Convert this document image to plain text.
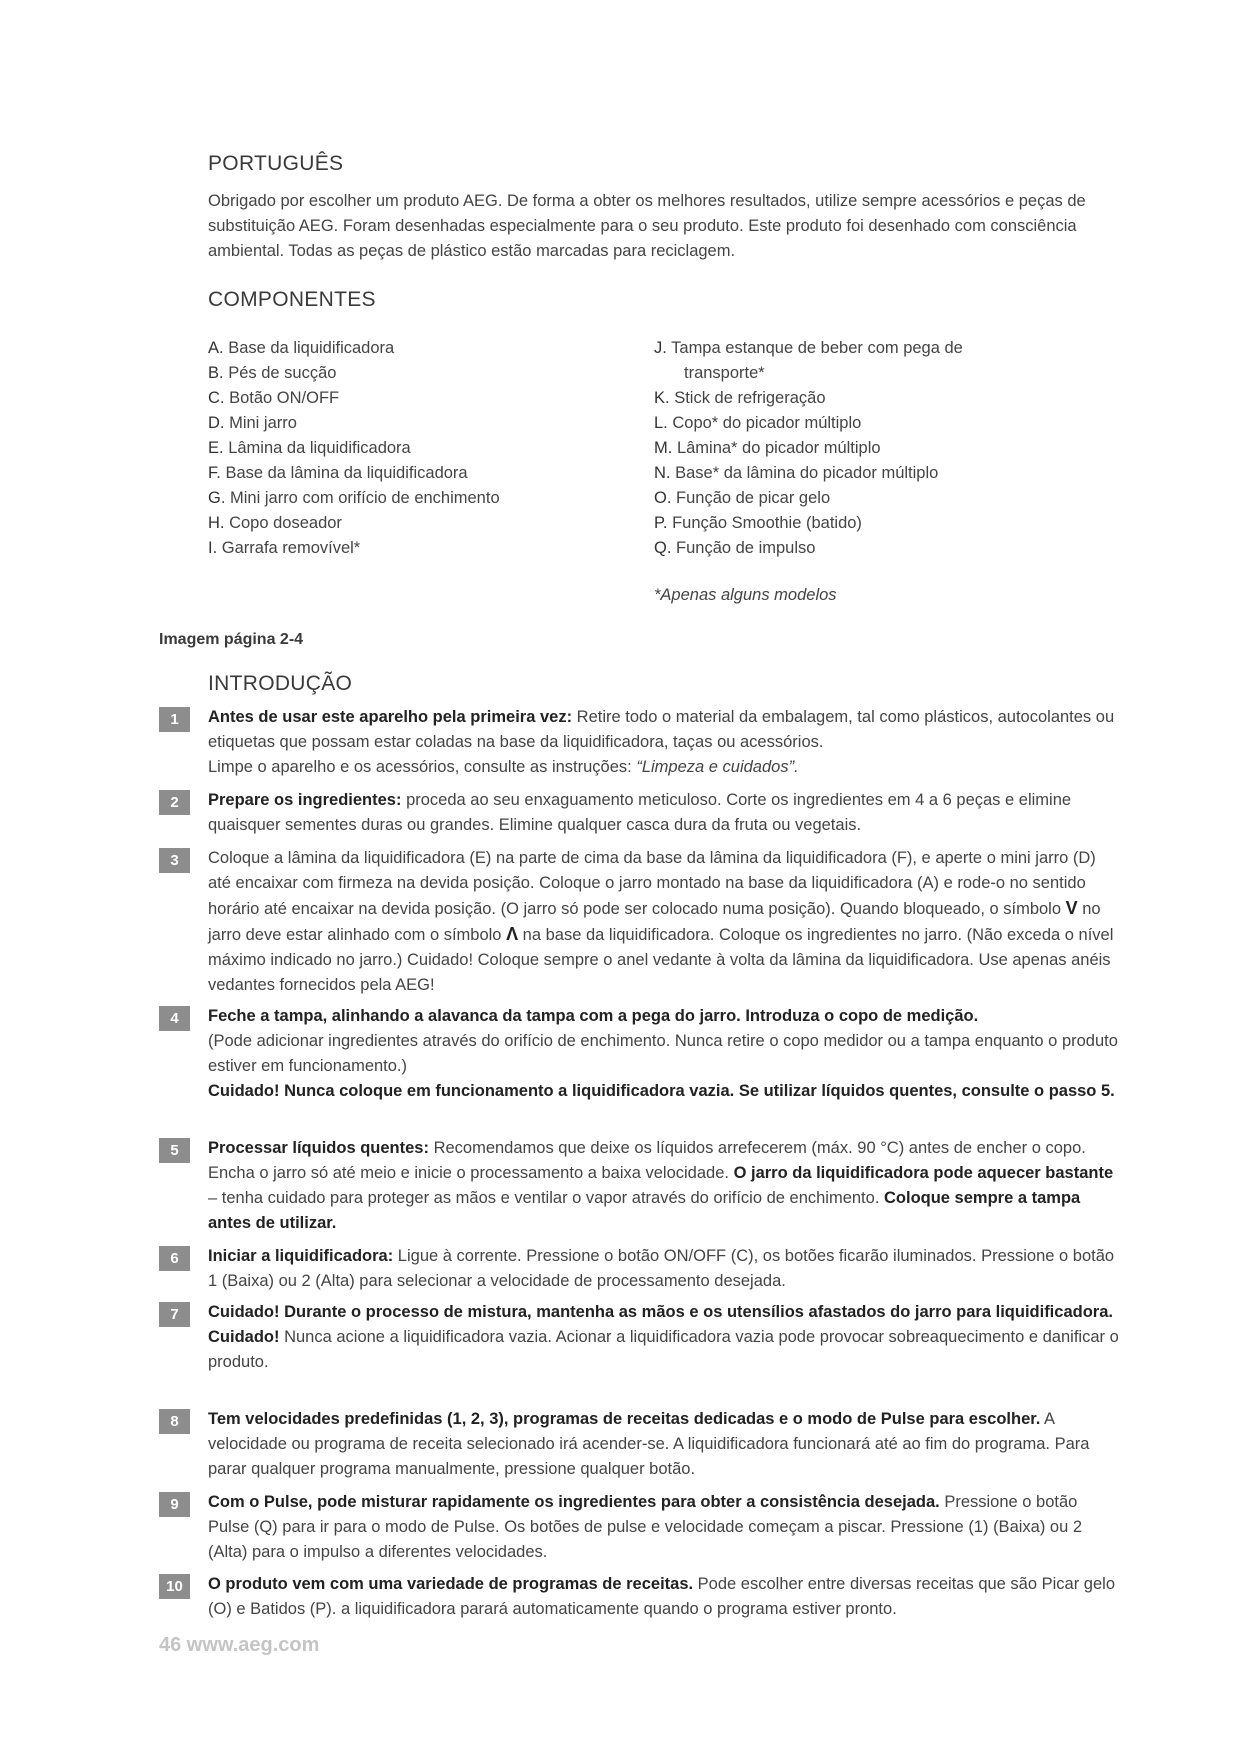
PORTUGUÊS

Obrigado por escolher um produto AEG. De forma a obter os melhores resultados, utilize sempre acessórios e peças de substituição AEG. Foram desenhadas especialmente para o seu produto. Este produto foi desenhado com consciência ambiental. Todas as peças de plástico estão marcadas para reciclagem.

COMPONENTES
A. Base da liquidificadora
B. Pés de sucção
C. Botão ON/OFF
D. Mini jarro
E. Lâmina da liquidificadora
F. Base da lâmina da liquidificadora
G. Mini jarro com orifício de enchimento
H. Copo doseador
I. Garrafa removível*
J. Tampa estanque de beber com pega de
transporte*
K. Stick de refrigeração
L. Copo* do picador múltiplo
M. Lâmina* do picador múltiplo
N. Base* da lâmina do picador múltiplo
O. Função de picar gelo
P. Função Smoothie (batido)
Q. Função de impulso
*Apenas alguns modelos
Imagem página 2-4
INTRODUÇÃO
1	Antes de usar este aparelho pela primeira vez: Retire todo o material da embalagem, tal como plásticos, autocolantes ou etiquetas que possam estar coladas na base da liquidificadora, taças ou acessórios.

Limpe o aparelho e os acessórios, consulte as instruções: “Limpeza e cuidados”.

2	Prepare os ingredientes: proceda ao seu enxaguamento meticuloso. Corte os ingredientes em 4 a 6 peças e elimine quaisquer sementes duras ou grandes. Elimine qualquer casca dura da fruta ou vegetais.

3	Coloque a lâmina da liquidificadora (E) na parte de cima da base da lâmina da liquidificadora (F), e aperte o mini jarro (D) até encaixar com firmeza na devida posição. Coloque o jarro montado na base da liquidificadora (A) e rode-o no sentido horário até encaixar na devida posição. (O jarro só pode ser colocado numa posição). Quando bloqueado, o símbolo V no jarro deve estar alinhado com o símbolo Λ na base da liquidificadora. Coloque os ingredientes no jarro. (Não exceda o nível máximo indicado no jarro.) Cuidado! Coloque sempre o anel vedante à volta da lâmina da liquidificadora. Use apenas anéis vedantes fornecidos pela AEG!

4	Feche a tampa, alinhando a alavanca da tampa com a pega do jarro. Introduza o copo de medição.

(Pode adicionar ingredientes através do orifício de enchimento. Nunca retire o copo medidor ou a tampa enquanto o produto estiver em funcionamento.)

Cuidado! Nunca coloque em funcionamento a liquidificadora vazia. Se utilizar líquidos quentes, consulte o passo 5.

5	Processar líquidos quentes: Recomendamos que deixe os líquidos arrefecerem (máx. 90 °C) antes de encher o copo. Encha o jarro só até meio e inicie o processamento a baixa velocidade. O jarro da liquidificadora pode aquecer bastante – tenha cuidado para proteger as mãos e ventilar o vapor através do orifício de enchimento. Coloque sempre a tampa antes de utilizar.

6	Iniciar a liquidificadora: Ligue à corrente. Pressione o botão ON/OFF (C), os botões ficarão iluminados. Pressione o botão 1 (Baixa) ou 2 (Alta) para selecionar a velocidade de processamento desejada.

7	Cuidado! Durante o processo de mistura, mantenha as mãos e os utensílios afastados do jarro para liquidificadora.

Cuidado! Nunca acione a liquidificadora vazia. Acionar a liquidificadora vazia pode provocar sobreaquecimento e danificar o produto.

8	Tem velocidades predefinidas (1, 2, 3), programas de receitas dedicadas e o modo de Pulse para escolher. A velocidade ou programa de receita selecionado irá acender-se. A liquidificadora funcionará até ao fim do programa. Para parar qualquer programa manualmente, pressione qualquer botão.

9	Com o Pulse, pode misturar rapidamente os ingredientes para obter a consistência desejada. Pressione o botão Pulse (Q) para ir para o modo de Pulse. Os botões de pulse e velocidade começam a piscar. Pressione (1) (Baixa) ou 2 (Alta) para o impulso a diferentes velocidades.

10	O produto vem com uma variedade de programas de receitas. Pode escolher entre diversas receitas que são Picar gelo (O) e Batidos (P). a liquidificadora parará automaticamente quando o programa estiver pronto.

46 www.aeg.com
